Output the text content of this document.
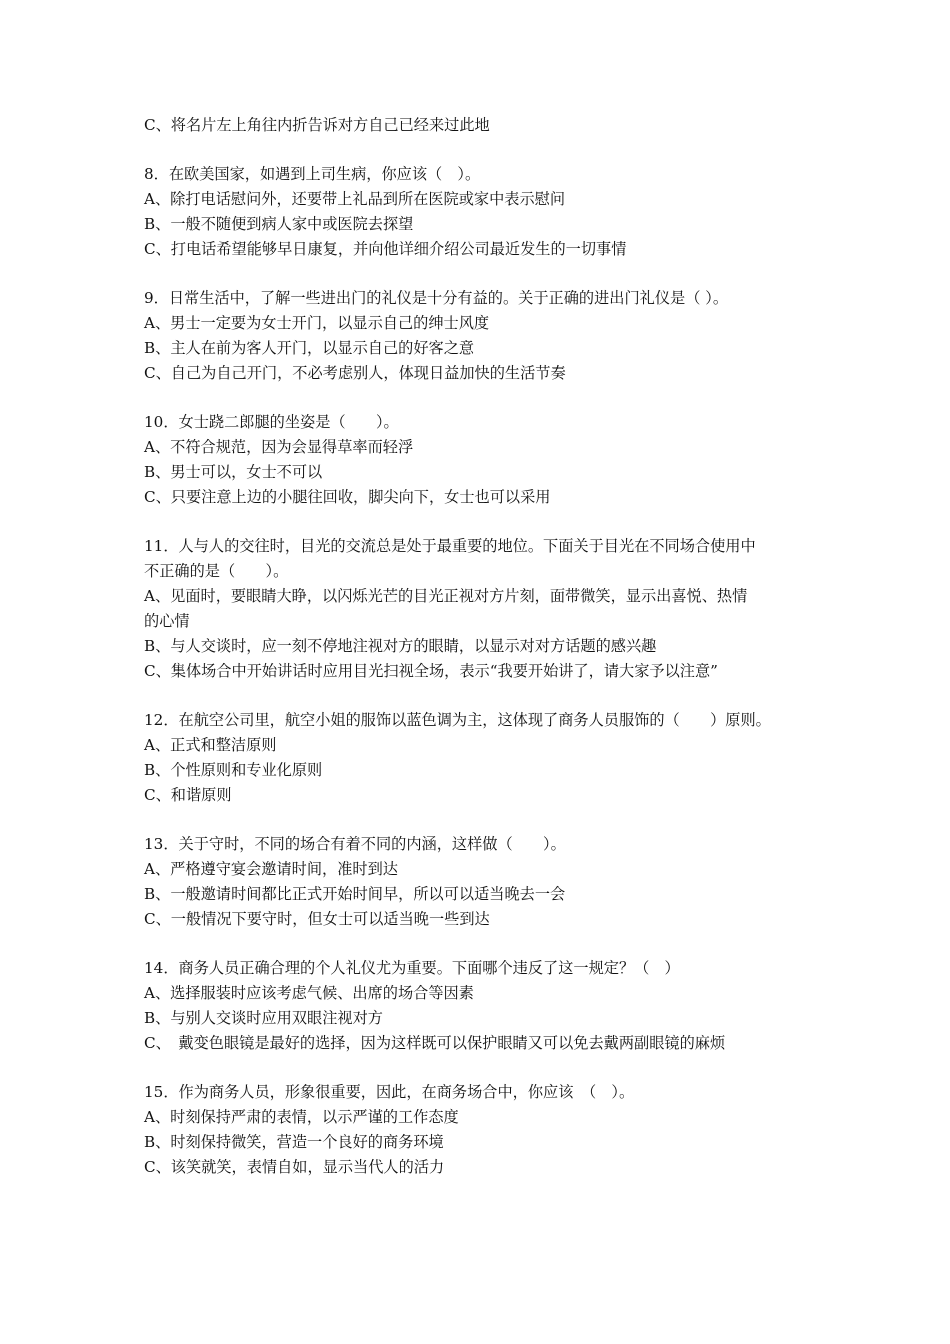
C、将名片左上角往内折告诉对方自己已经来过此地

8．在欧美国家，如遇到上司生病，你应该（　）。

A、除打电话慰问外，还要带上礼品到所在医院或家中表示慰问

B、一般不随便到病人家中或医院去探望

C、打电话希望能够早日康复，并向他详细介绍公司最近发生的一切事情

9．日常生活中，了解一些进出门的礼仪是十分有益的。关于正确的进出门礼仪是（ ）。

A、男士一定要为女士开门，以显示自己的绅士风度

B、主人在前为客人开门，以显示自己的好客之意

C、自己为自己开门，不必考虑别人，体现日益加快的生活节奏

10．女士跷二郎腿的坐姿是（　　）。

A、不符合规范，因为会显得草率而轻浮

B、男士可以，女士不可以

C、只要注意上边的小腿往回收，脚尖向下，女士也可以采用

11．人与人的交往时，目光的交流总是处于最重要的地位。下面关于目光在不同场合使用中

不正确的是（　　）。

A、见面时，要眼睛大睁，以闪烁光芒的目光正视对方片刻，面带微笑，显示出喜悦、热情

的心情

B、与人交谈时，应一刻不停地注视对方的眼睛，以显示对对方话题的感兴趣

C、集体场合中开始讲话时应用目光扫视全场，表示“我要开始讲了，请大家予以注意”

12．在航空公司里，航空小姐的服饰以蓝色调为主，这体现了商务人员服饰的（　　）原则。

A、正式和整洁原则

B、个性原则和专业化原则

C、和谐原则

13．关于守时，不同的场合有着不同的内涵，这样做（　　）。

A、严格遵守宴会邀请时间，准时到达

B、一般邀请时间都比正式开始时间早，所以可以适当晚去一会

C、一般情况下要守时，但女士可以适当晚一些到达

14．商务人员正确合理的个人礼仪尤为重要。下面哪个违反了这一规定？（　）

A、选择服装时应该考虑气候、出席的场合等因素

B、与别人交谈时应用双眼注视对方

C、　戴变色眼镜是最好的选择，因为这样既可以保护眼睛又可以免去戴两副眼镜的麻烦

15．作为商务人员，形象很重要，因此，在商务场合中，你应该　（　）。

A、时刻保持严肃的表情，以示严谨的工作态度

B、时刻保持微笑，营造一个良好的商务环境

C、该笑就笑，表情自如，显示当代人的活力
